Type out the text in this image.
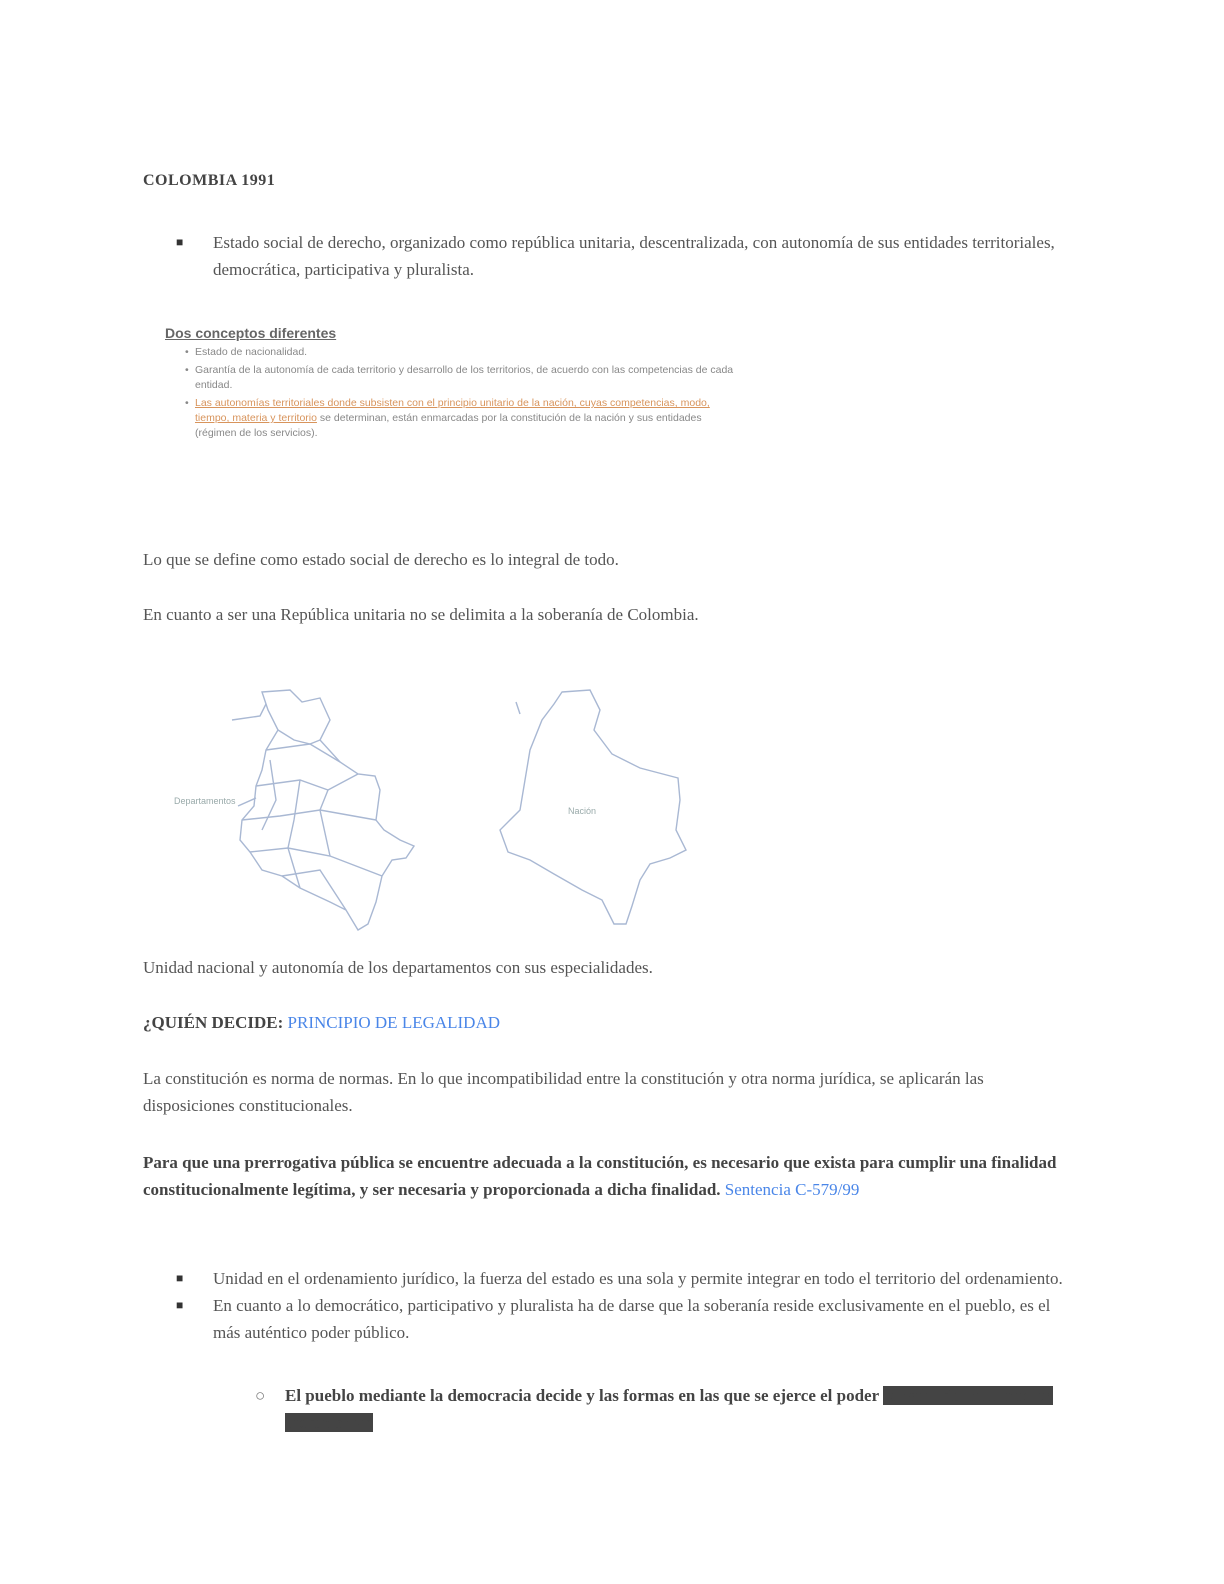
COLOMBIA 1991
■ Estado social de derecho, organizado como república unitaria, descentralizada, con autonomía de sus entidades territoriales, democrática, participativa y pluralista.
Dos conceptos diferentes
• Estado de nacionalidad.
• Garantía de la autonomía de cada territorio y desarrollo de los territorios, de acuerdo con las competencias de cada entidad.
• Las autonomías territoriales donde subsisten con el principio unitario de la nación, cuyas competencias, modo, tiempo, materia y territorio se determinan, están enmarcadas por la constitución de la nación y sus entidades (régimen de los servicios).
Lo que se define como estado social de derecho es lo integral de todo.
En cuanto a ser una República unitaria no se delimita a la soberanía de Colombia.
Departamentos
Nación
Unidad nacional y autonomía de los departamentos con sus especialidades.
¿QUIÉN DECIDE: PRINCIPIO DE LEGALIDAD
La constitución es norma de normas. En lo que incompatibilidad entre la constitución y otra norma jurídica, se aplicarán las disposiciones constitucionales.
Para que una prerrogativa pública se encuentre adecuada a la constitución, es necesario que exista para cumplir una finalidad constitucionalmente legítima, y ser necesaria y proporcionada a dicha finalidad. Sentencia C-579/99
■ Unidad en el ordenamiento jurídico, la fuerza del estado es una sola y permite integrar en todo el territorio del ordenamiento.
■ En cuanto a lo democrático, participativo y pluralista ha de darse que la soberanía reside exclusivamente en el pueblo, es el más auténtico poder público.
○	El pueblo mediante la democracia decide y las formas en las que se ejerce el poder constitucionalmente los mecanismos
